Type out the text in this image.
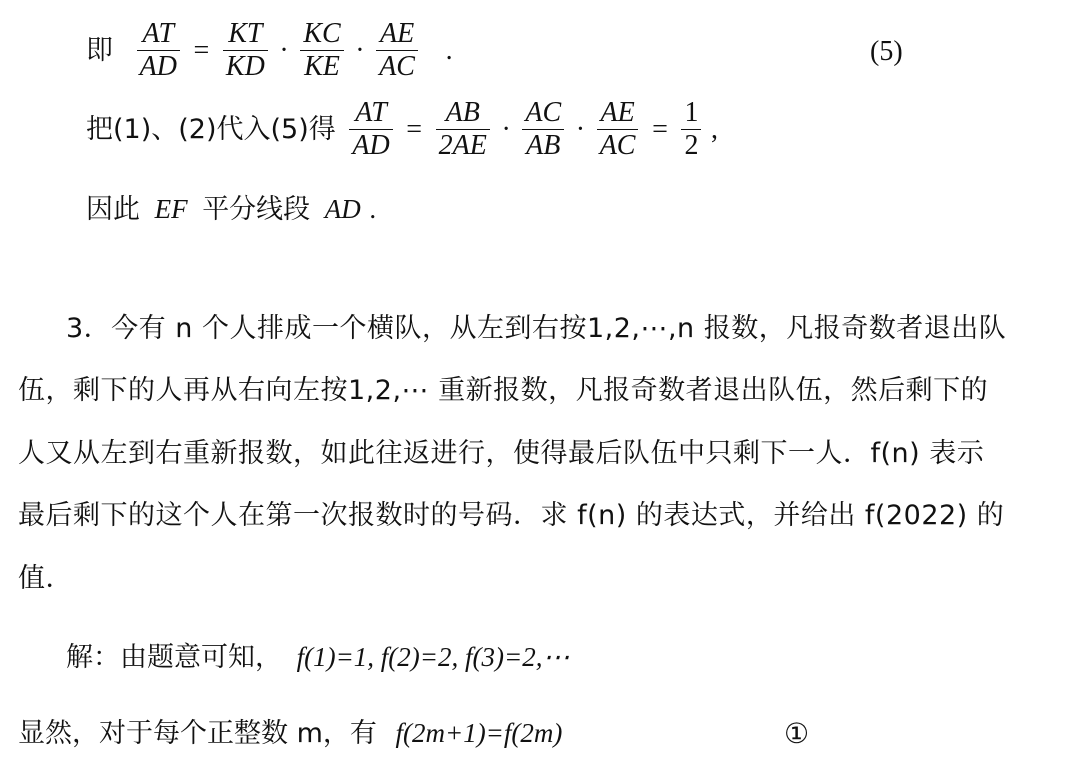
即 $\frac{AT}{AD} = \frac{KT}{KD} \cdot \frac{KC}{KE} \cdot \frac{AE}{AC}$ .	(5)
把(1)、(2)代入(5)得 $\frac{AT}{AD} = \frac{AB}{2AE} \cdot \frac{AC}{AB} \cdot \frac{AE}{AC} = \frac{1}{2}$ ,
因此 EF 平分线段 AD .
3．今有 n 个人排成一个横队，从左到右按1,2,⋯,n 报数，凡报奇数者退出队
伍，剩下的人再从右向左按1,2,⋯ 重新报数，凡报奇数者退出队伍，然后剩下的
人又从左到右重新报数，如此往返进行，使得最后队伍中只剩下一人．f(n) 表示
最后剩下的这个人在第一次报数时的号码．求 f(n) 的表达式，并给出 f(2022) 的
值．
解：由题意可知， f(1)=1, f(2)=2, f(3)=2,⋯
显然，对于每个正整数 m，有 f(2m+1)=f(2m)	①
